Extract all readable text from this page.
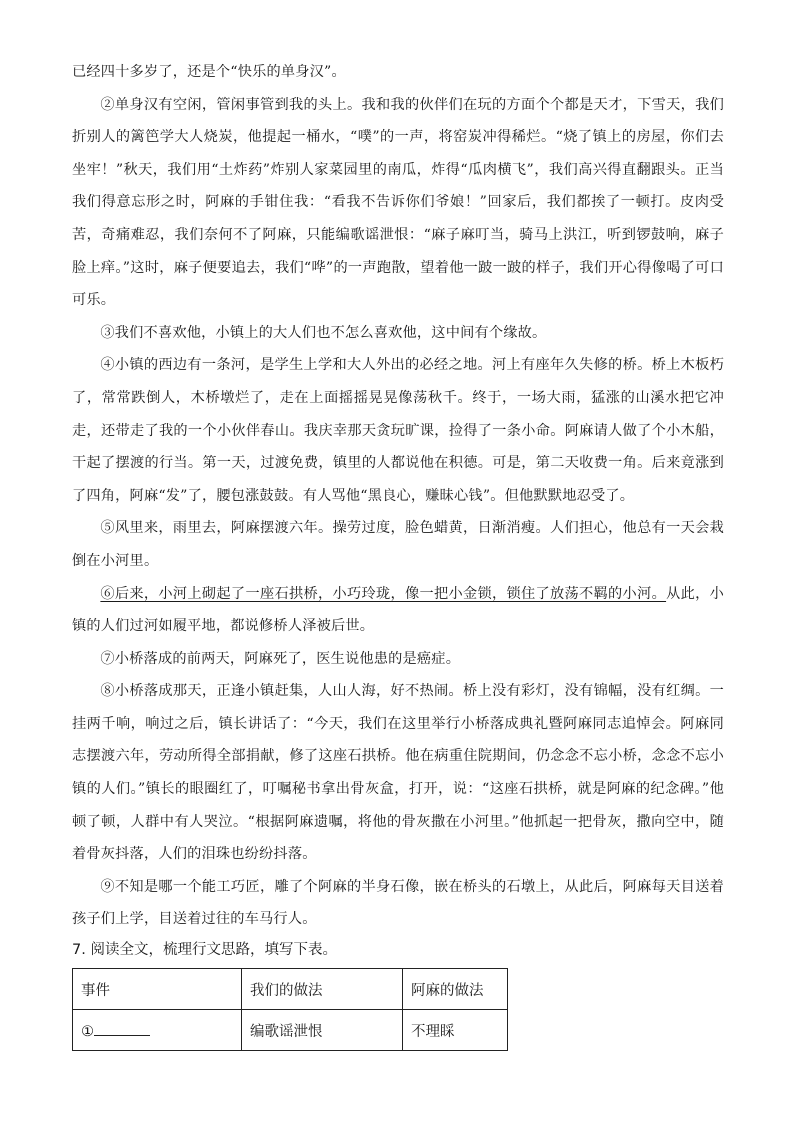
已经四十多岁了，还是个“快乐的单身汉”。

②单身汉有空闲，管闲事管到我的头上。我和我的伙伴们在玩的方面个个都是天才，下雪天，我们折别人的篱笆学大人烧炭，他提起一桶水，“噗”的一声，将窑炭冲得稀烂。“烧了镇上的房屋，你们去坐牢！”秋天，我们用“土炸药”炸别人家菜园里的南瓜，炸得“瓜肉横飞”，我们高兴得直翻跟头。正当我们得意忘形之时，阿麻的手钳住我：“看我不告诉你们爷娘！”回家后，我们都挨了一顿打。皮肉受苦，奇痛难忍，我们奈何不了阿麻，只能编歌谣泄恨：“麻子麻叮当，骑马上洪江，听到锣鼓响，麻子脸上痒。”这时，麻子便要追去，我们“哗”的一声跑散，望着他一跛一跛的样子，我们开心得像喝了可口可乐。

③我们不喜欢他，小镇上的大人们也不怎么喜欢他，这中间有个缘故。

④小镇的西边有一条河，是学生上学和大人外出的必经之地。河上有座年久失修的桥。桥上木板朽了，常常跌倒人，木桥墩烂了，走在上面摇摇晃晃像荡秋千。终于，一场大雨，猛涨的山溪水把它冲走，还带走了我的一个小伙伴春山。我庆幸那天贪玩旷课，捡得了一条小命。阿麻请人做了个小木船，干起了摆渡的行当。第一天，过渡免费，镇里的人都说他在积德。可是，第二天收费一角。后来竟涨到了四角，阿麻“发”了，腰包涨鼓鼓。有人骂他“黑良心，赚昧心钱”。但他默默地忍受了。

⑤风里来，雨里去，阿麻摆渡六年。操劳过度，脸色蜡黄，日渐消瘦。人们担心，他总有一天会栽倒在小河里。

⑥后来，小河上砌起了一座石拱桥，小巧玲珑，像一把小金锁，锁住了放荡不羁的小河。从此，小镇的人们过河如履平地，都说修桥人泽被后世。

⑦小桥落成的前两天，阿麻死了，医生说他患的是癌症。

⑧小桥落成那天，正逢小镇赶集，人山人海，好不热闹。桥上没有彩灯，没有锦幅，没有红绸。一挂两千响，响过之后，镇长讲话了：“今天，我们在这里举行小桥落成典礼暨阿麻同志追悼会。阿麻同志摆渡六年，劳动所得全部捐献，修了这座石拱桥。他在病重住院期间，仍念念不忘小桥，念念不忘小镇的人们。”镇长的眼圈红了，叮嘱秘书拿出骨灰盒，打开，说：“这座石拱桥，就是阿麻的纪念碑。”他顿了顿，人群中有人哭泣。“根据阿麻遗嘱，将他的骨灰撒在小河里。”他抓起一把骨灰，撒向空中，随着骨灰抖落，人们的泪珠也纷纷抖落。

⑨不知是哪一个能工巧匠，雕了个阿麻的半身石像，嵌在桥头的石墩上，从此后，阿麻每天目送着孩子们上学，目送着过往的车马行人。

7. 阅读全文，梳理行文思路，填写下表。

事件	我们的做法	阿麻的做法
①	编歌谣泄恨	不理睬
